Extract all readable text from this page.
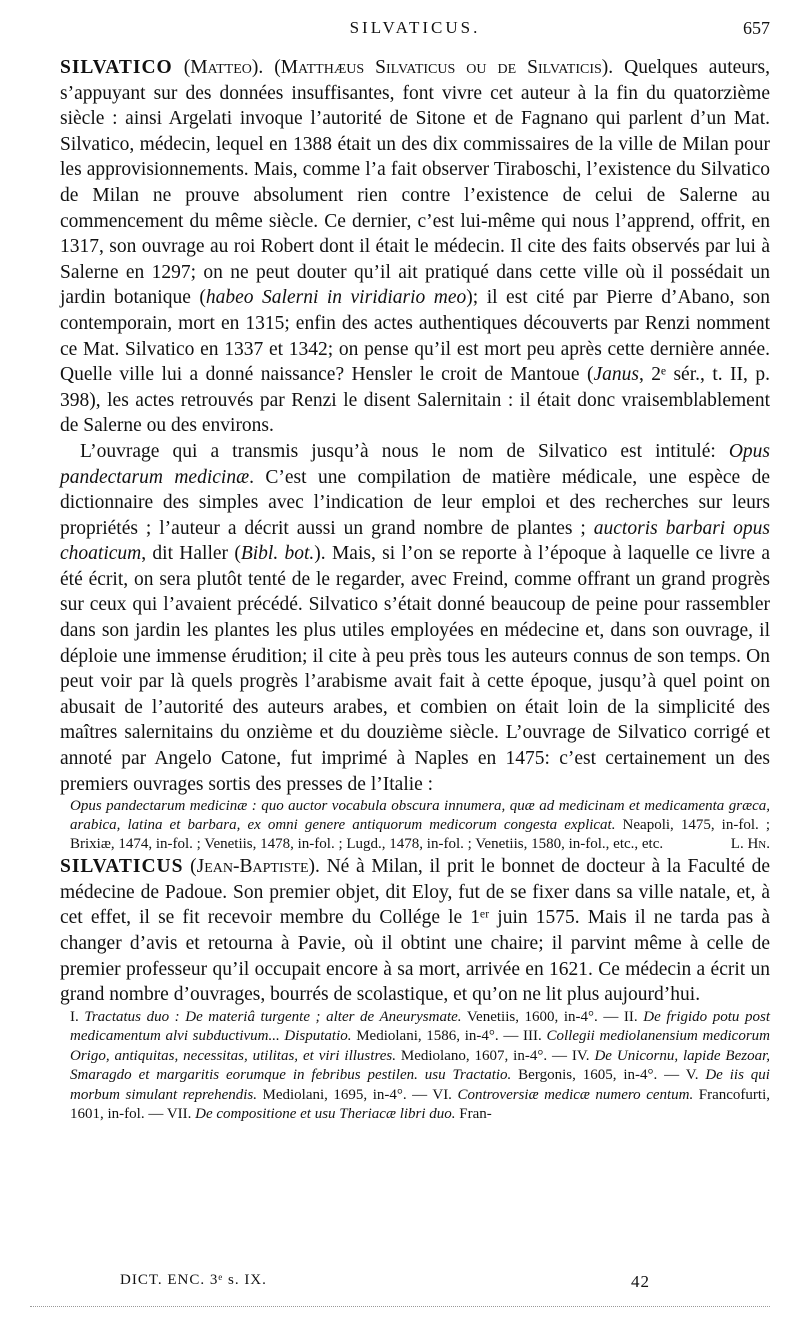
SILVATICUS.	657

SILVATICO (Matteo). (Matthæus Silvaticus ou de Silvaticis). Quelques auteurs, s’appuyant sur des données insuffisantes, font vivre cet auteur à la fin du quatorzième siècle : ainsi Argelati invoque l’autorité de Sitone et de Fagnano qui parlent d’un Mat. Silvatico, médecin, lequel en 1388 était un des dix commissaires de la ville de Milan pour les approvisionnements. Mais, comme l’a fait observer Tiraboschi, l’existence du Silvatico de Milan ne prouve absolument rien contre l’existence de celui de Salerne au commencement du même siècle. Ce dernier, c’est lui-même qui nous l’apprend, offrit, en 1317, son ouvrage au roi Robert dont il était le médecin. Il cite des faits observés par lui à Salerne en 1297; on ne peut douter qu’il ait pratiqué dans cette ville où il possédait un jardin botanique (habeo Salerni in viridiario meo); il est cité par Pierre d’Abano, son contemporain, mort en 1315; enfin des actes authentiques découverts par Renzi nomment ce Mat. Silvatico en 1337 et 1342; on pense qu’il est mort peu après cette dernière année. Quelle ville lui a donné naissance? Hensler le croit de Mantoue (Janus, 2ᵉ sér., t. II, p. 398), les actes retrouvés par Renzi le disent Salernitain : il était donc vraisemblablement de Salerne ou des environs.

L’ouvrage qui a transmis jusqu’à nous le nom de Silvatico est intitulé: Opus pandectarum medicinæ. C’est une compilation de matière médicale, une espèce de dictionnaire des simples avec l’indication de leur emploi et des recherches sur leurs propriétés ; l’auteur a décrit aussi un grand nombre de plantes ; auctoris barbari opus choaticum, dit Haller (Bibl. bot.). Mais, si l’on se reporte à l’époque à laquelle ce livre a été écrit, on sera plutôt tenté de le regarder, avec Freind, comme offrant un grand progrès sur ceux qui l’avaient précédé. Silvatico s’était donné beaucoup de peine pour rassembler dans son jardin les plantes les plus utiles employées en médecine et, dans son ouvrage, il déploie une immense érudition; il cite à peu près tous les auteurs connus de son temps. On peut voir par là quels progrès l’arabisme avait fait à cette époque, jusqu’à quel point on abusait de l’autorité des auteurs arabes, et combien on était loin de la simplicité des maîtres salernitains du onzième et du douzième siècle. L’ouvrage de Silvatico corrigé et annoté par Angelo Catone, fut imprimé à Naples en 1475: c’est certainement un des premiers ouvrages sortis des presses de l’Italie :

Opus pandectarum medicinæ : quo auctor vocabula obscura innumera, quæ ad medicinam et medicamenta græca, arabica, latina et barbara, ex omni genere antiquorum medicorum congesta explicat. Neapoli, 1475, in-fol. ; Brixiæ, 1474, in-fol. ; Venetiis, 1478, in-fol. ; Lugd., 1478, in-fol. ; Venetiis, 1580, in-fol., etc., etc.	L. Hn.

SILVATICUS (Jean-Baptiste). Né à Milan, il prit le bonnet de docteur à la Faculté de médecine de Padoue. Son premier objet, dit Eloy, fut de se fixer dans sa ville natale, et, à cet effet, il se fit recevoir membre du Collége le 1ᵉʳ juin 1575. Mais il ne tarda pas à changer d’avis et retourna à Pavie, où il obtint une chaire; il parvint même à celle de premier professeur qu’il occupait encore à sa mort, arrivée en 1621. Ce médecin a écrit un grand nombre d’ouvrages, bourrés de scolastique, et qu’on ne lit plus aujourd’hui.

I. Tractatus duo : De materiâ turgente ; alter de Aneurysmate. Venetiis, 1600, in-4°. — II. De frigido potu post medicamentum alvi subductivum... Disputatio. Mediolani, 1586, in-4°. — III. Collegii mediolanensium medicorum Origo, antiquitas, necessitas, utilitas, et viri illustres. Mediolano, 1607, in-4°. — IV. De Unicornu, lapide Bezoar, Smaragdo et margaritis eorumque in febribus pestilen. usu Tractatio. Bergonis, 1605, in-4°. — V. De iis qui morbum simulant reprehendis. Mediolani, 1695, in-4°. — VI. Controversiæ medicæ numero centum. Francofurti, 1601, in-fol. — VII. De compositione et usu Theriacæ libri duo. Fran-

DICT. ENC. 3ᵉ s. IX.	42
